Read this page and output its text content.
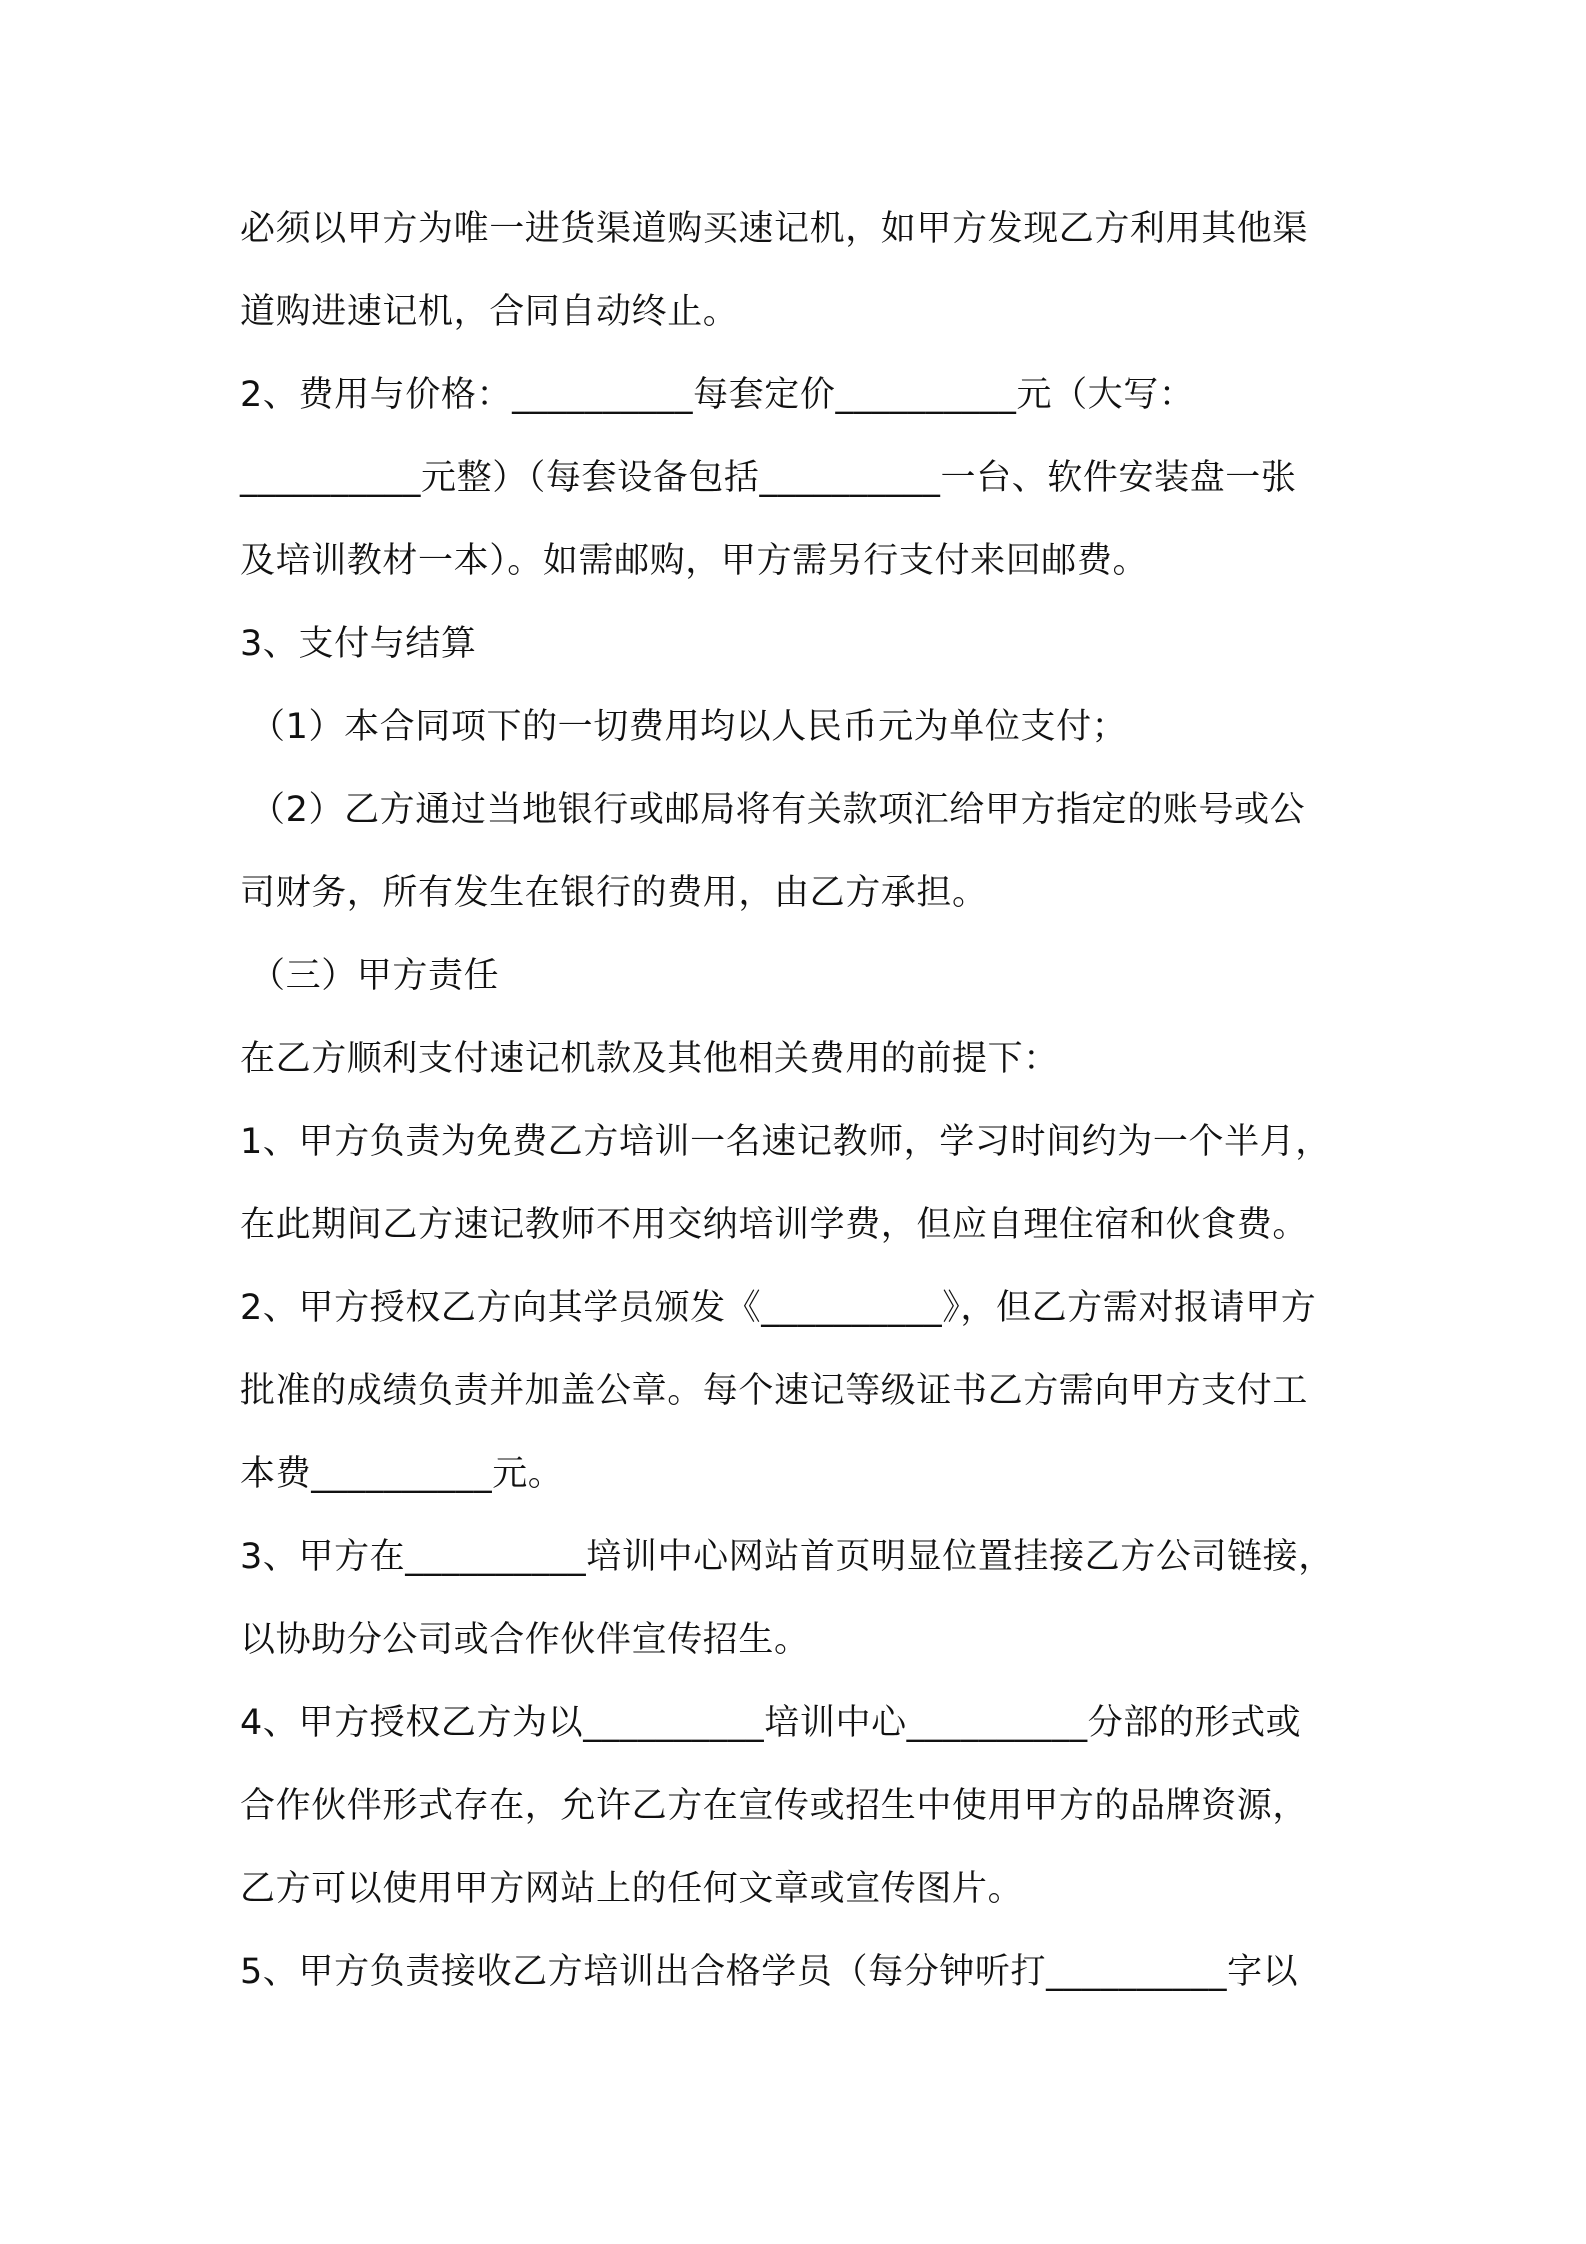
必须以甲方为唯一进货渠道购买速记机，如甲方发现乙方利用其他渠

道购进速记机，合同自动终止。

2、费用与价格：__________每套定价__________元（大写：

__________元整）（每套设备包括__________一台、软件安装盘一张

及培训教材一本）。如需邮购，甲方需另行支付来回邮费。

3、支付与结算

（1）本合同项下的一切费用均以人民币元为单位支付；

（2）乙方通过当地银行或邮局将有关款项汇给甲方指定的账号或公

司财务，所有发生在银行的费用，由乙方承担。

（三）甲方责任

在乙方顺利支付速记机款及其他相关费用的前提下：

1、甲方负责为免费乙方培训一名速记教师，学习时间约为一个半月，

在此期间乙方速记教师不用交纳培训学费，但应自理住宿和伙食费。

2、甲方授权乙方向其学员颁发《__________》，但乙方需对报请甲方

批准的成绩负责并加盖公章。每个速记等级证书乙方需向甲方支付工

本费__________元。

3、甲方在__________培训中心网站首页明显位置挂接乙方公司链接，

以协助分公司或合作伙伴宣传招生。

4、甲方授权乙方为以__________培训中心__________分部的形式或

合作伙伴形式存在，允许乙方在宣传或招生中使用甲方的品牌资源，

乙方可以使用甲方网站上的任何文章或宣传图片。

5、甲方负责接收乙方培训出合格学员（每分钟听打__________字以
